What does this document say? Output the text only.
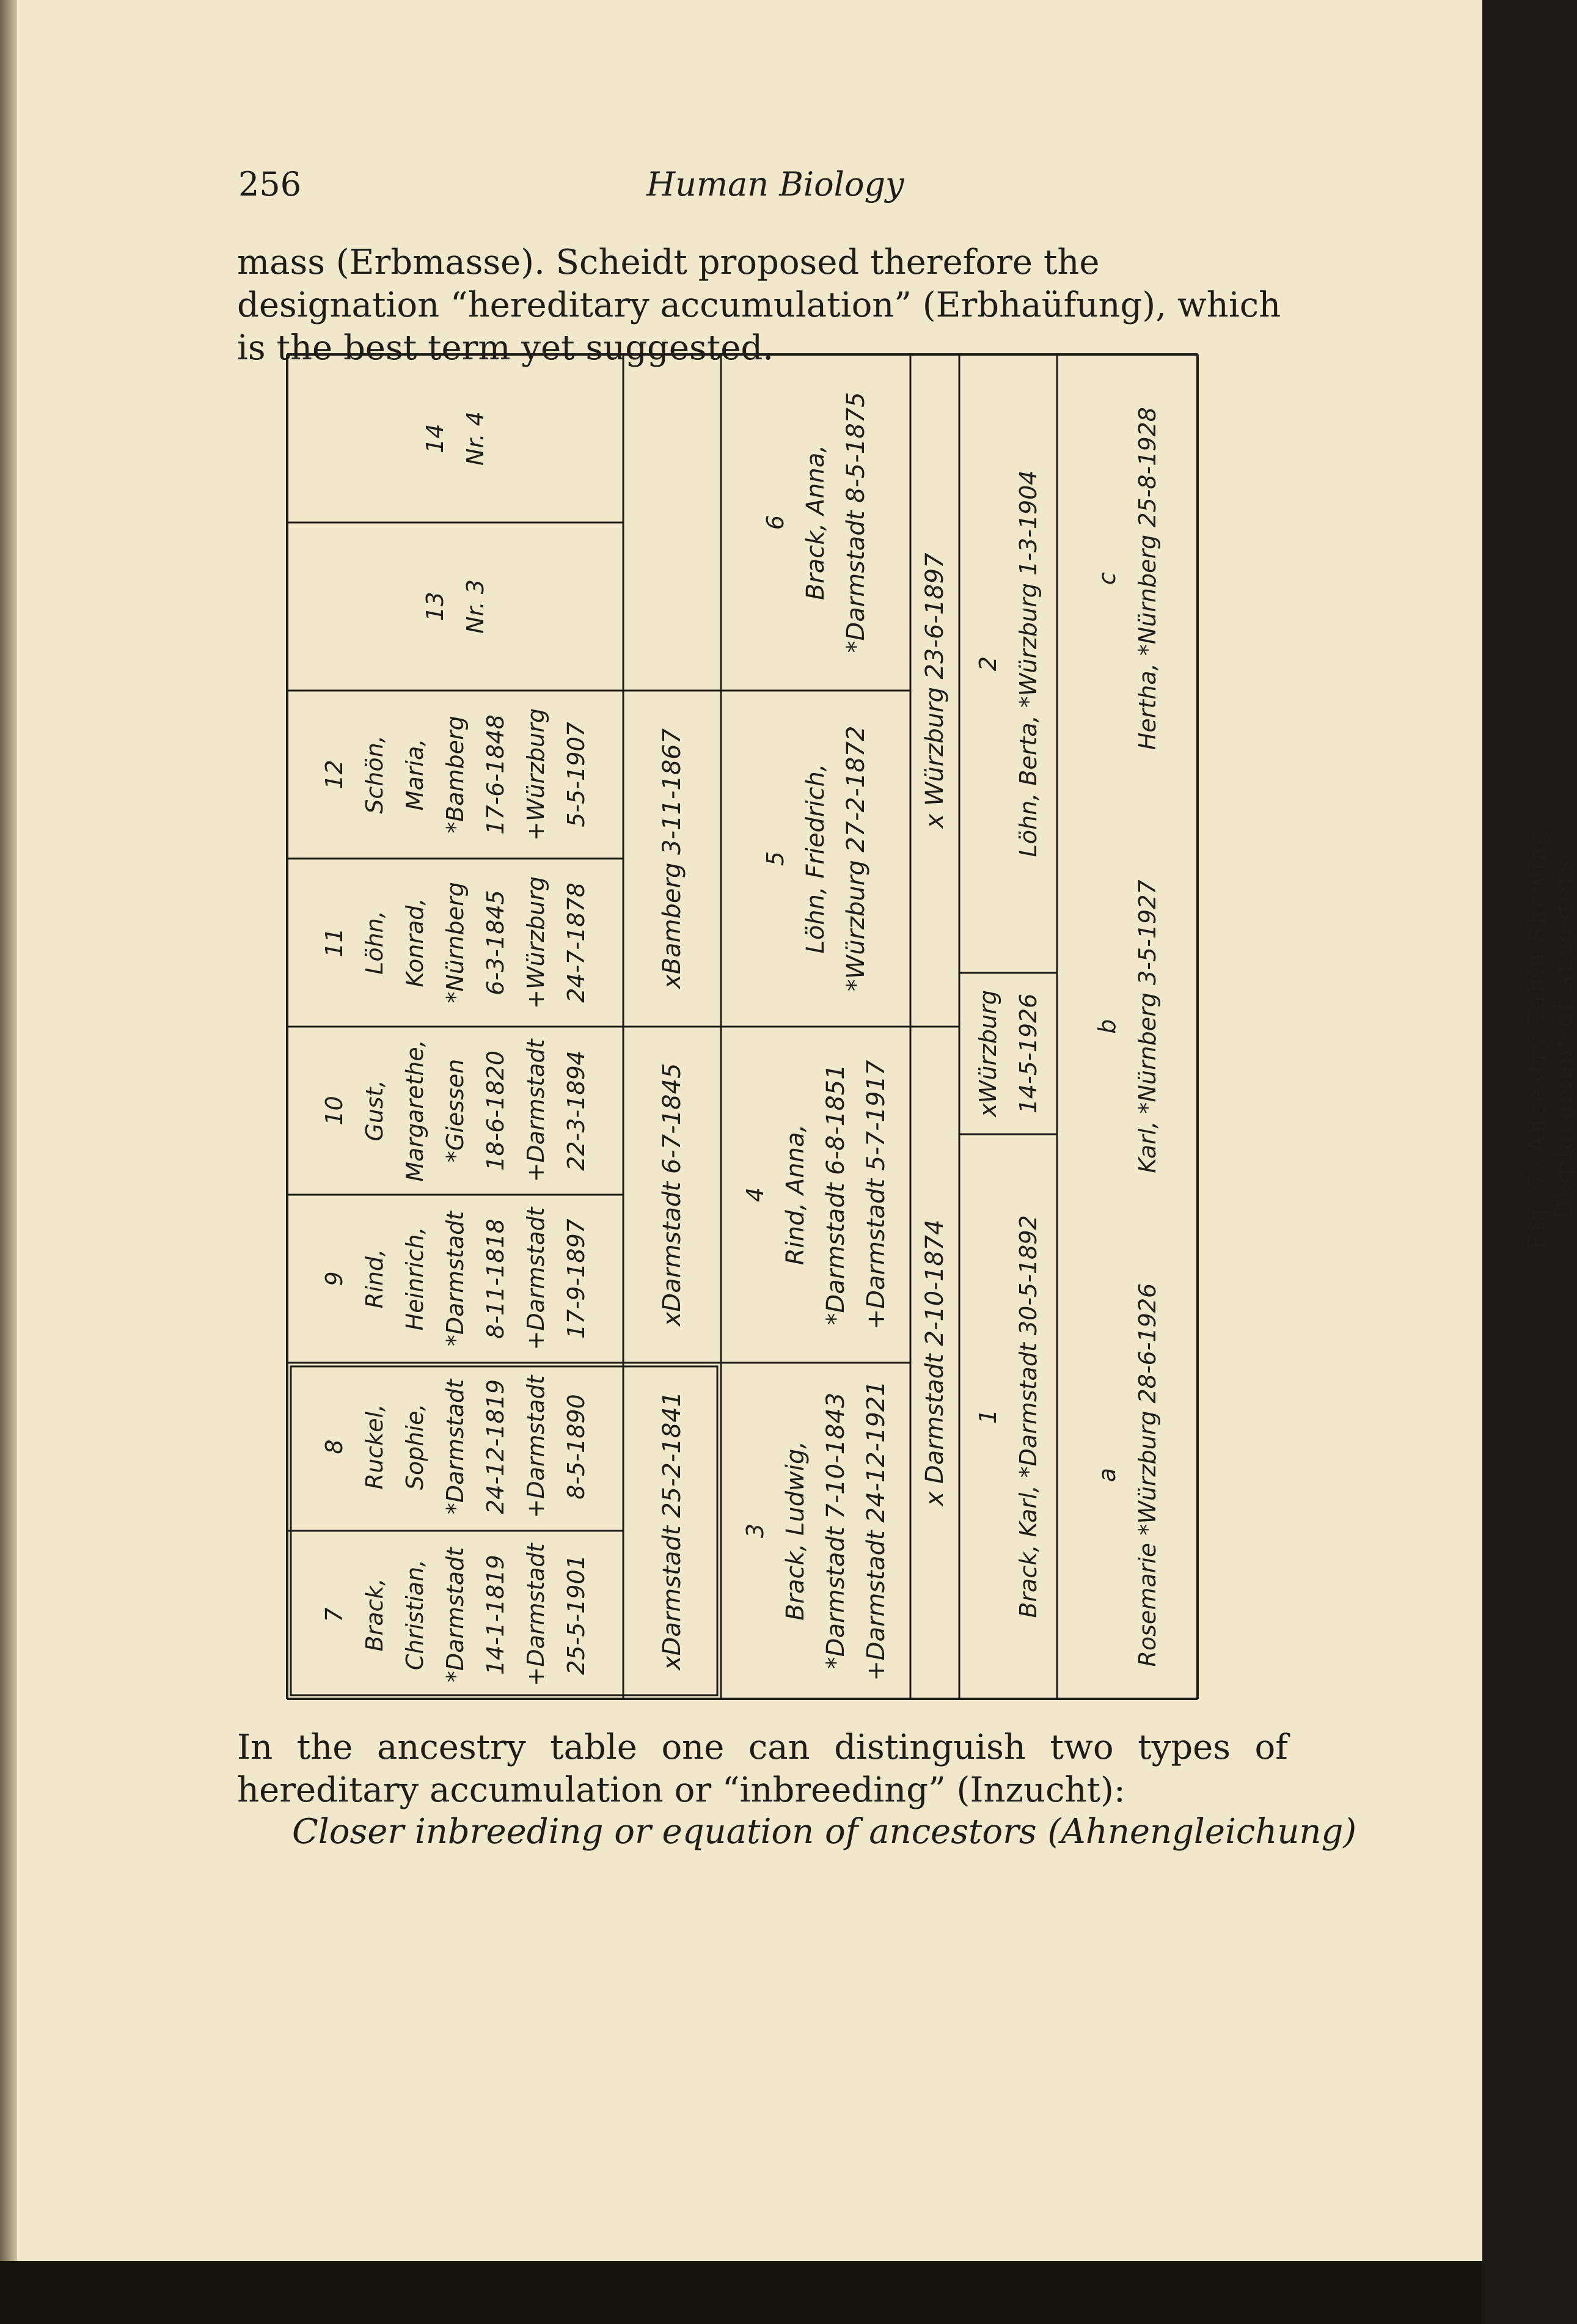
256	Human Biology
mass (Erbmasse). Scheidt proposed therefore the designation “hereditary accumulation” (Erbhaüfung), which is the best term yet suggested.
7 Brack, Christian, *Darmstadt 14-1-1819 +Darmstadt 25-5-1901
8 Ruckel, Sophie, *Darmstadt 24-12-1819 +Darmstadt 8-5-1890
9 Rind, Heinrich, *Darmstadt 8-11-1818 +Darmstadt 17-9-1897
10 Gust, Margarethe, *Giessen 18-6-1820 +Darmstadt 22-3-1894
11 Löhn, Konrad, *Nürnberg 6-3-1845 +Würzburg 24-7-1878
12 Schön, Maria, *Bamberg 17-6-1848 +Würzburg 5-5-1907
13 Nr. 3
14 Nr. 4
xDarmstadt 25-2-1841
xDarmstadt 6-7-1845
xBamberg 3-11-1867
3 Brack, Ludwig, *Darmstadt 7-10-1843 +Darmstadt 24-12-1921
4 Rind, Anna, *Darmstadt 6-8-1851 +Darmstadt 5-7-1917
5 Löhn, Friedrich, *Würzburg 27-2-1872
6 Brack, Anna, *Darmstadt 8-5-1875
x Darmstadt 2-10-1874
x Würzburg 23-6-1897
1 Brack, Karl, *Darmstadt 30-5-1892
xWürzburg 14-5-1926
2 Löhn, Berta, *Würzburg 1-3-1904
a Rosemarie *Würzburg 28-6-1926
b Karl, *Nürnberg 3-5-1927
c Hertha, *Nürnberg 25-8-1928
Fig. 7. Ancestry Table Showing Displacement of Ancestors
In the ancestry table one can distinguish two types of hereditary accumulation or “inbreeding” (Inzucht):
Closer inbreeding or equation of ancestors (Ahnengleichung)
